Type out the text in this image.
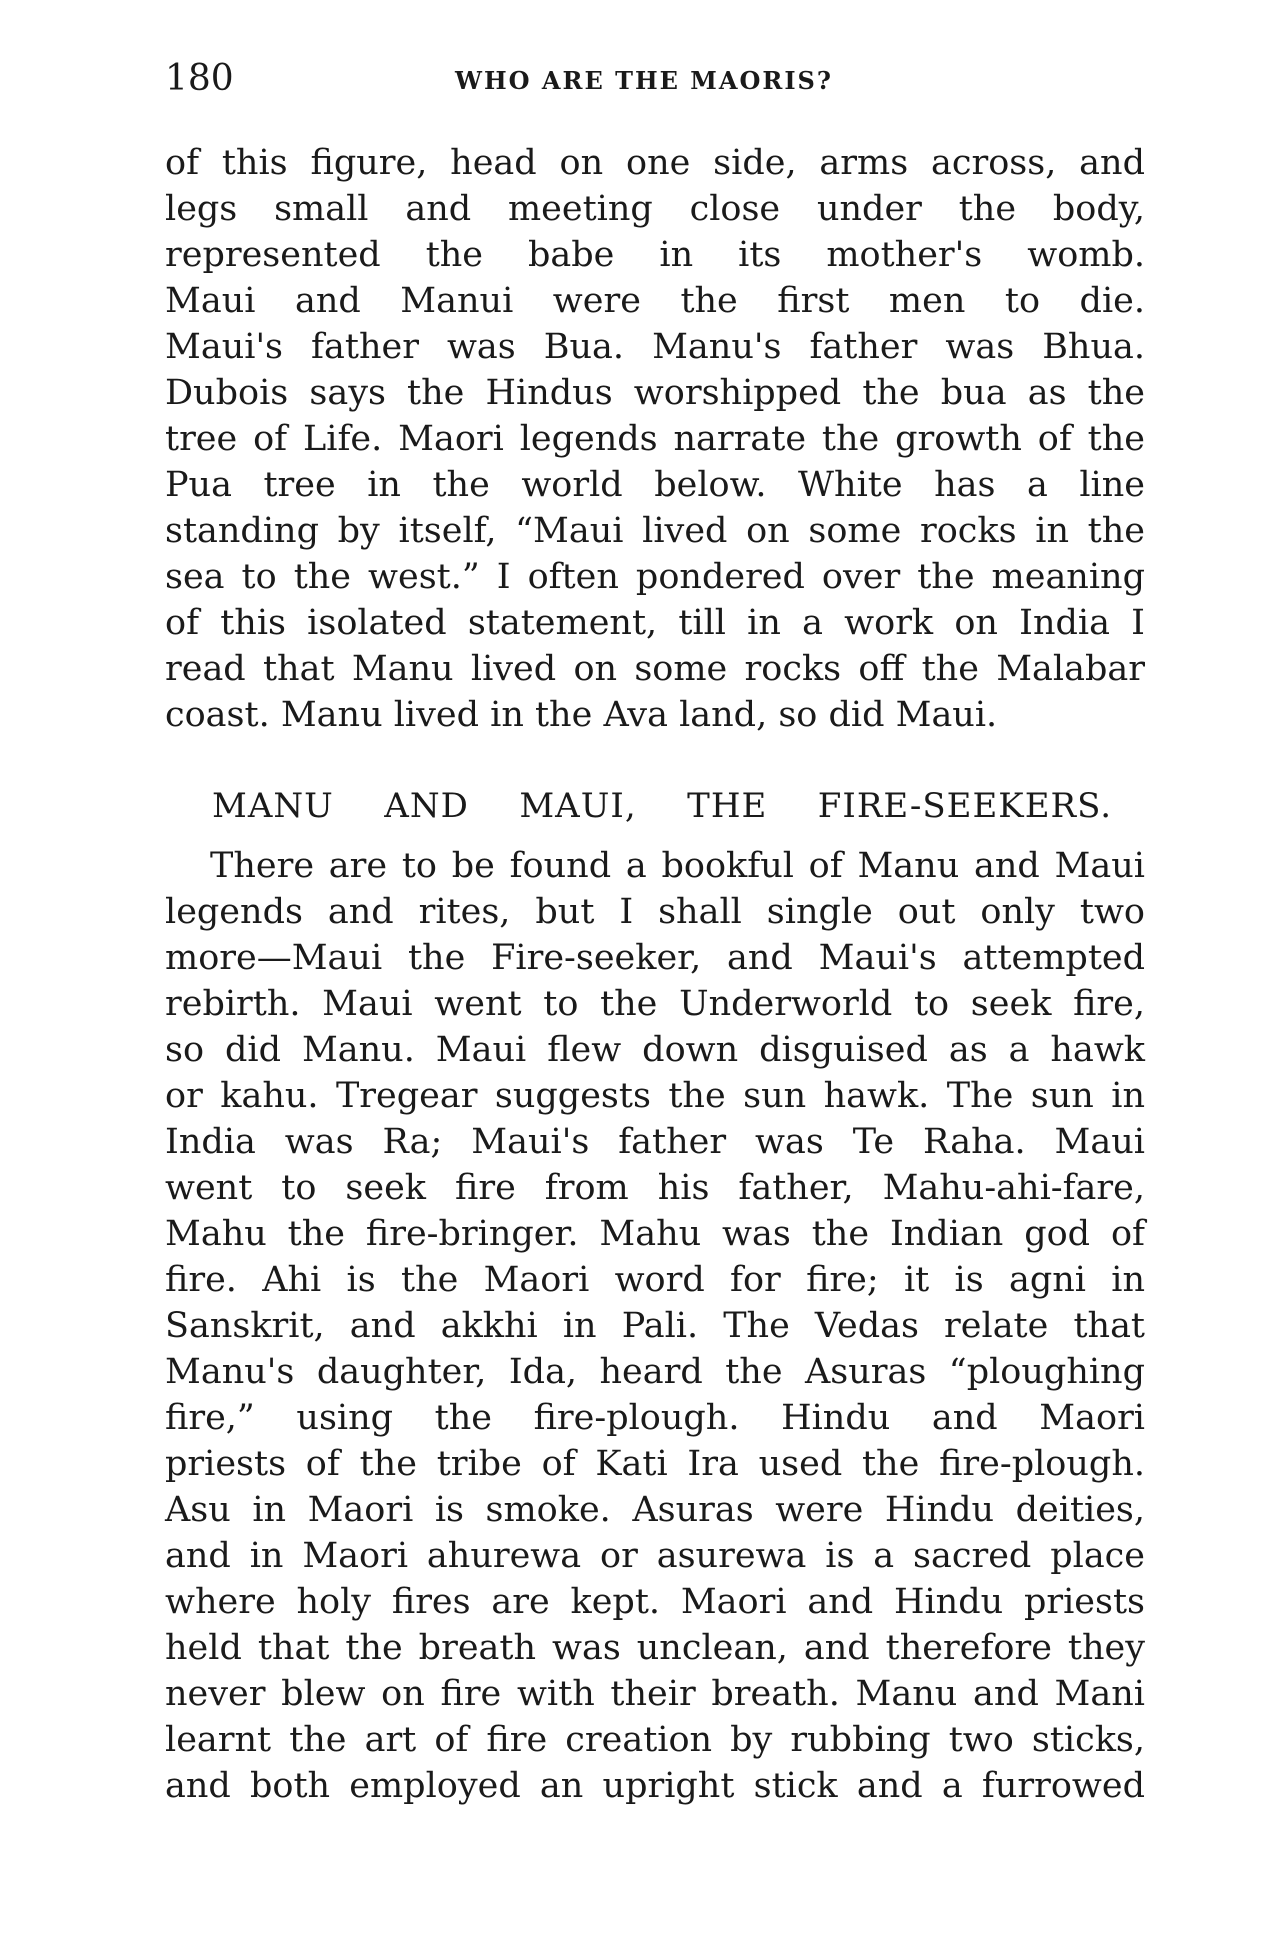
180	WHO ARE THE MAORIS?
of this figure, head on one side, arms across, and
legs small and meeting close under the body,
represented the babe in its mother's womb.
Maui and Manui were the first men to die.
Maui's father was Bua. Manu's father was Bhua.
Dubois says the Hindus worshipped the bua as the
tree of Life. Maori legends narrate the growth of the
Pua tree in the world below. White has a line
standing by itself, “Maui lived on some rocks in the
sea to the west.” I often pondered over the meaning
of this isolated statement, till in a work on India I
read that Manu lived on some rocks off the Malabar
coast. Manu lived in the Ava land, so did Maui.
MANU AND MAUI, THE FIRE-SEEKERS.
There are to be found a bookful of Manu and Maui
legends and rites, but I shall single out only two
more—Maui the Fire-seeker, and Maui's attempted
rebirth. Maui went to the Underworld to seek fire,
so did Manu. Maui flew down disguised as a hawk
or kahu. Tregear suggests the sun hawk. The sun in
India was Ra; Maui's father was Te Raha. Maui
went to seek fire from his father, Mahu-ahi-fare,
Mahu the fire-bringer. Mahu was the Indian god of
fire. Ahi is the Maori word for fire; it is agni in
Sanskrit, and akkhi in Pali. The Vedas relate that
Manu's daughter, Ida, heard the Asuras “ploughing
fire,” using the fire-plough. Hindu and Maori
priests of the tribe of Kati Ira used the fire-plough.
Asu in Maori is smoke. Asuras were Hindu deities,
and in Maori ahurewa or asurewa is a sacred place
where holy fires are kept. Maori and Hindu priests
held that the breath was unclean, and therefore they
never blew on fire with their breath. Manu and Mani
learnt the art of fire creation by rubbing two sticks,
and both employed an upright stick and a furrowed
